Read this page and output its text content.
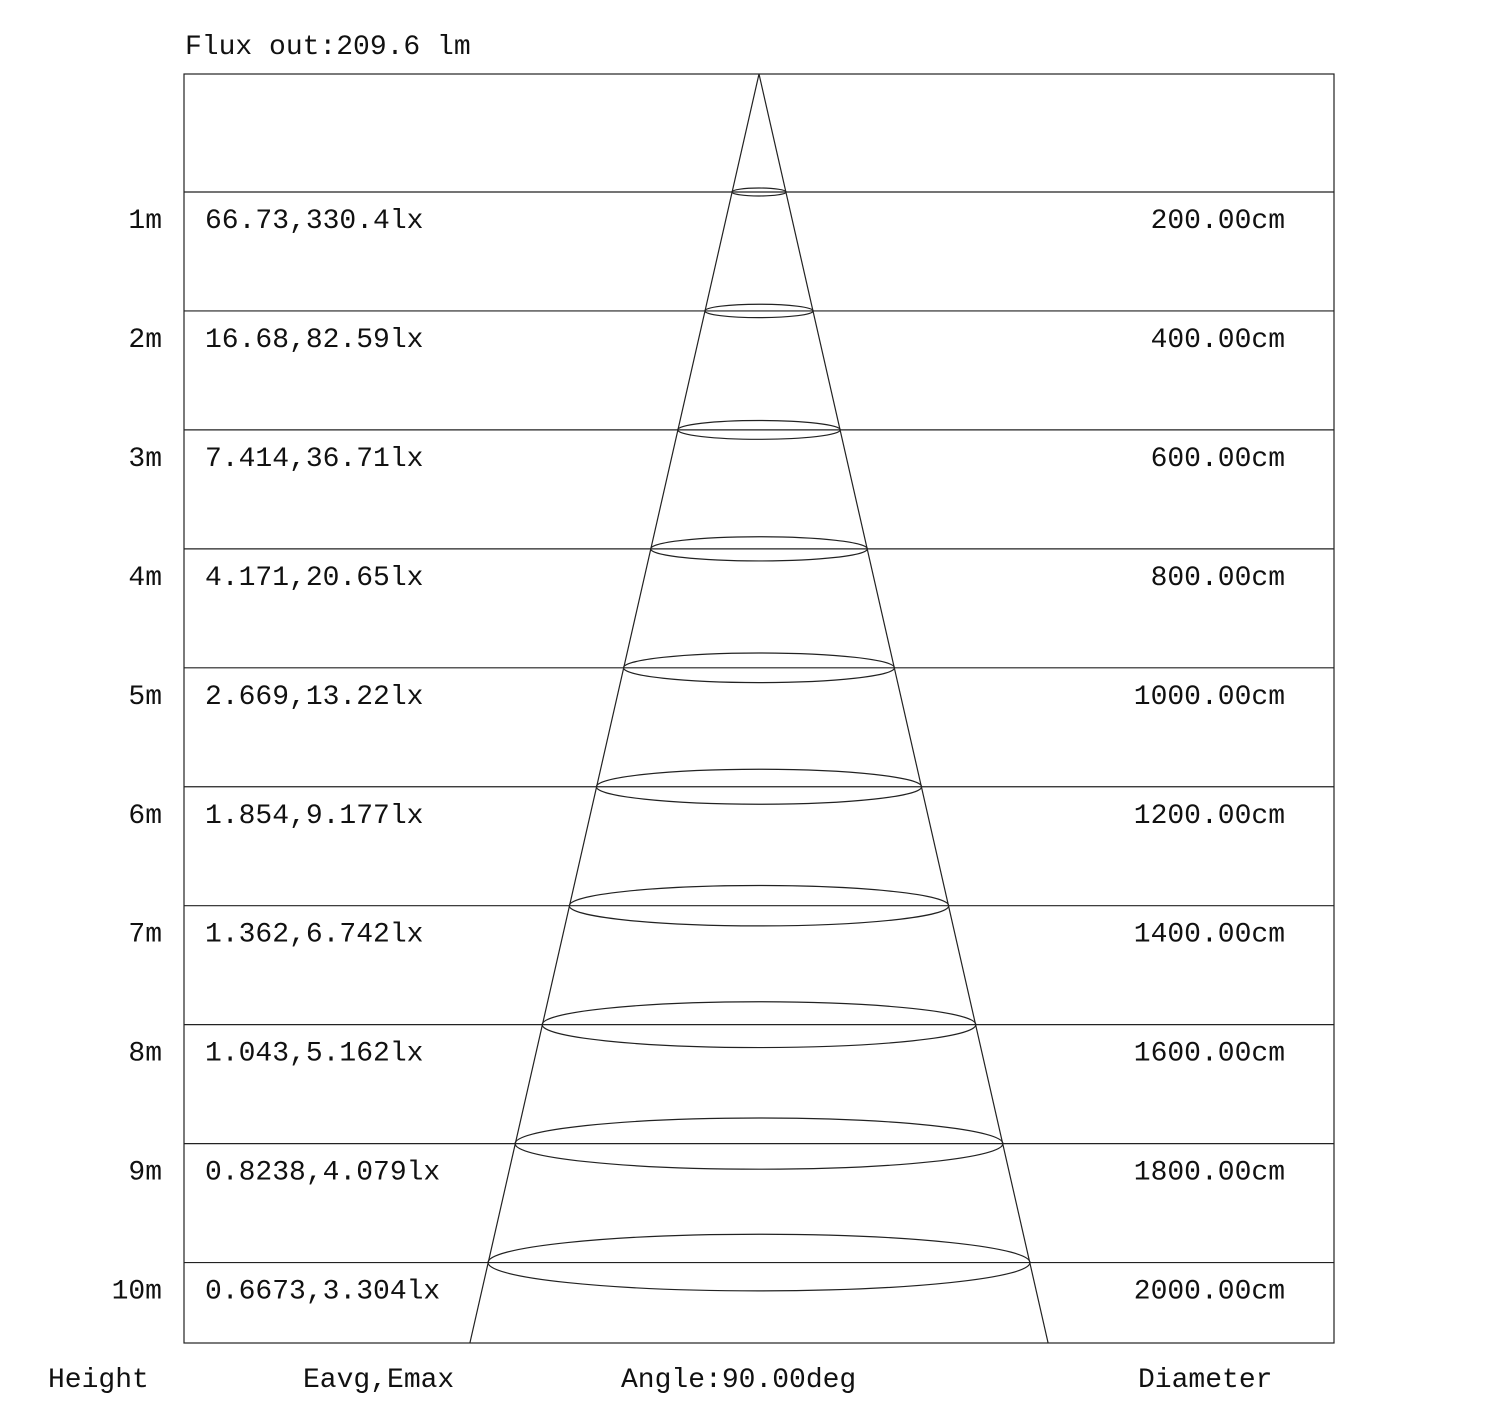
Flux out:209.6 lm
1m 66.73,330.4lx	200.00cm
2m 16.68,82.59lx	400.00cm
3m 7.414,36.71lx	600.00cm
4m 4.171,20.65lx	800.00cm
5m 2.669,13.22lx	1000.00cm
6m 1.854,9.177lx	1200.00cm
7m 1.362,6.742lx	1400.00cm
8m 1.043,5.162lx	1600.00cm
9m 0.8238,4.079lx	1800.00cm
10m 0.6673,3.304lx	2000.00cm
Height	Eavg,Emax	Angle:90.00deg	Diameter
